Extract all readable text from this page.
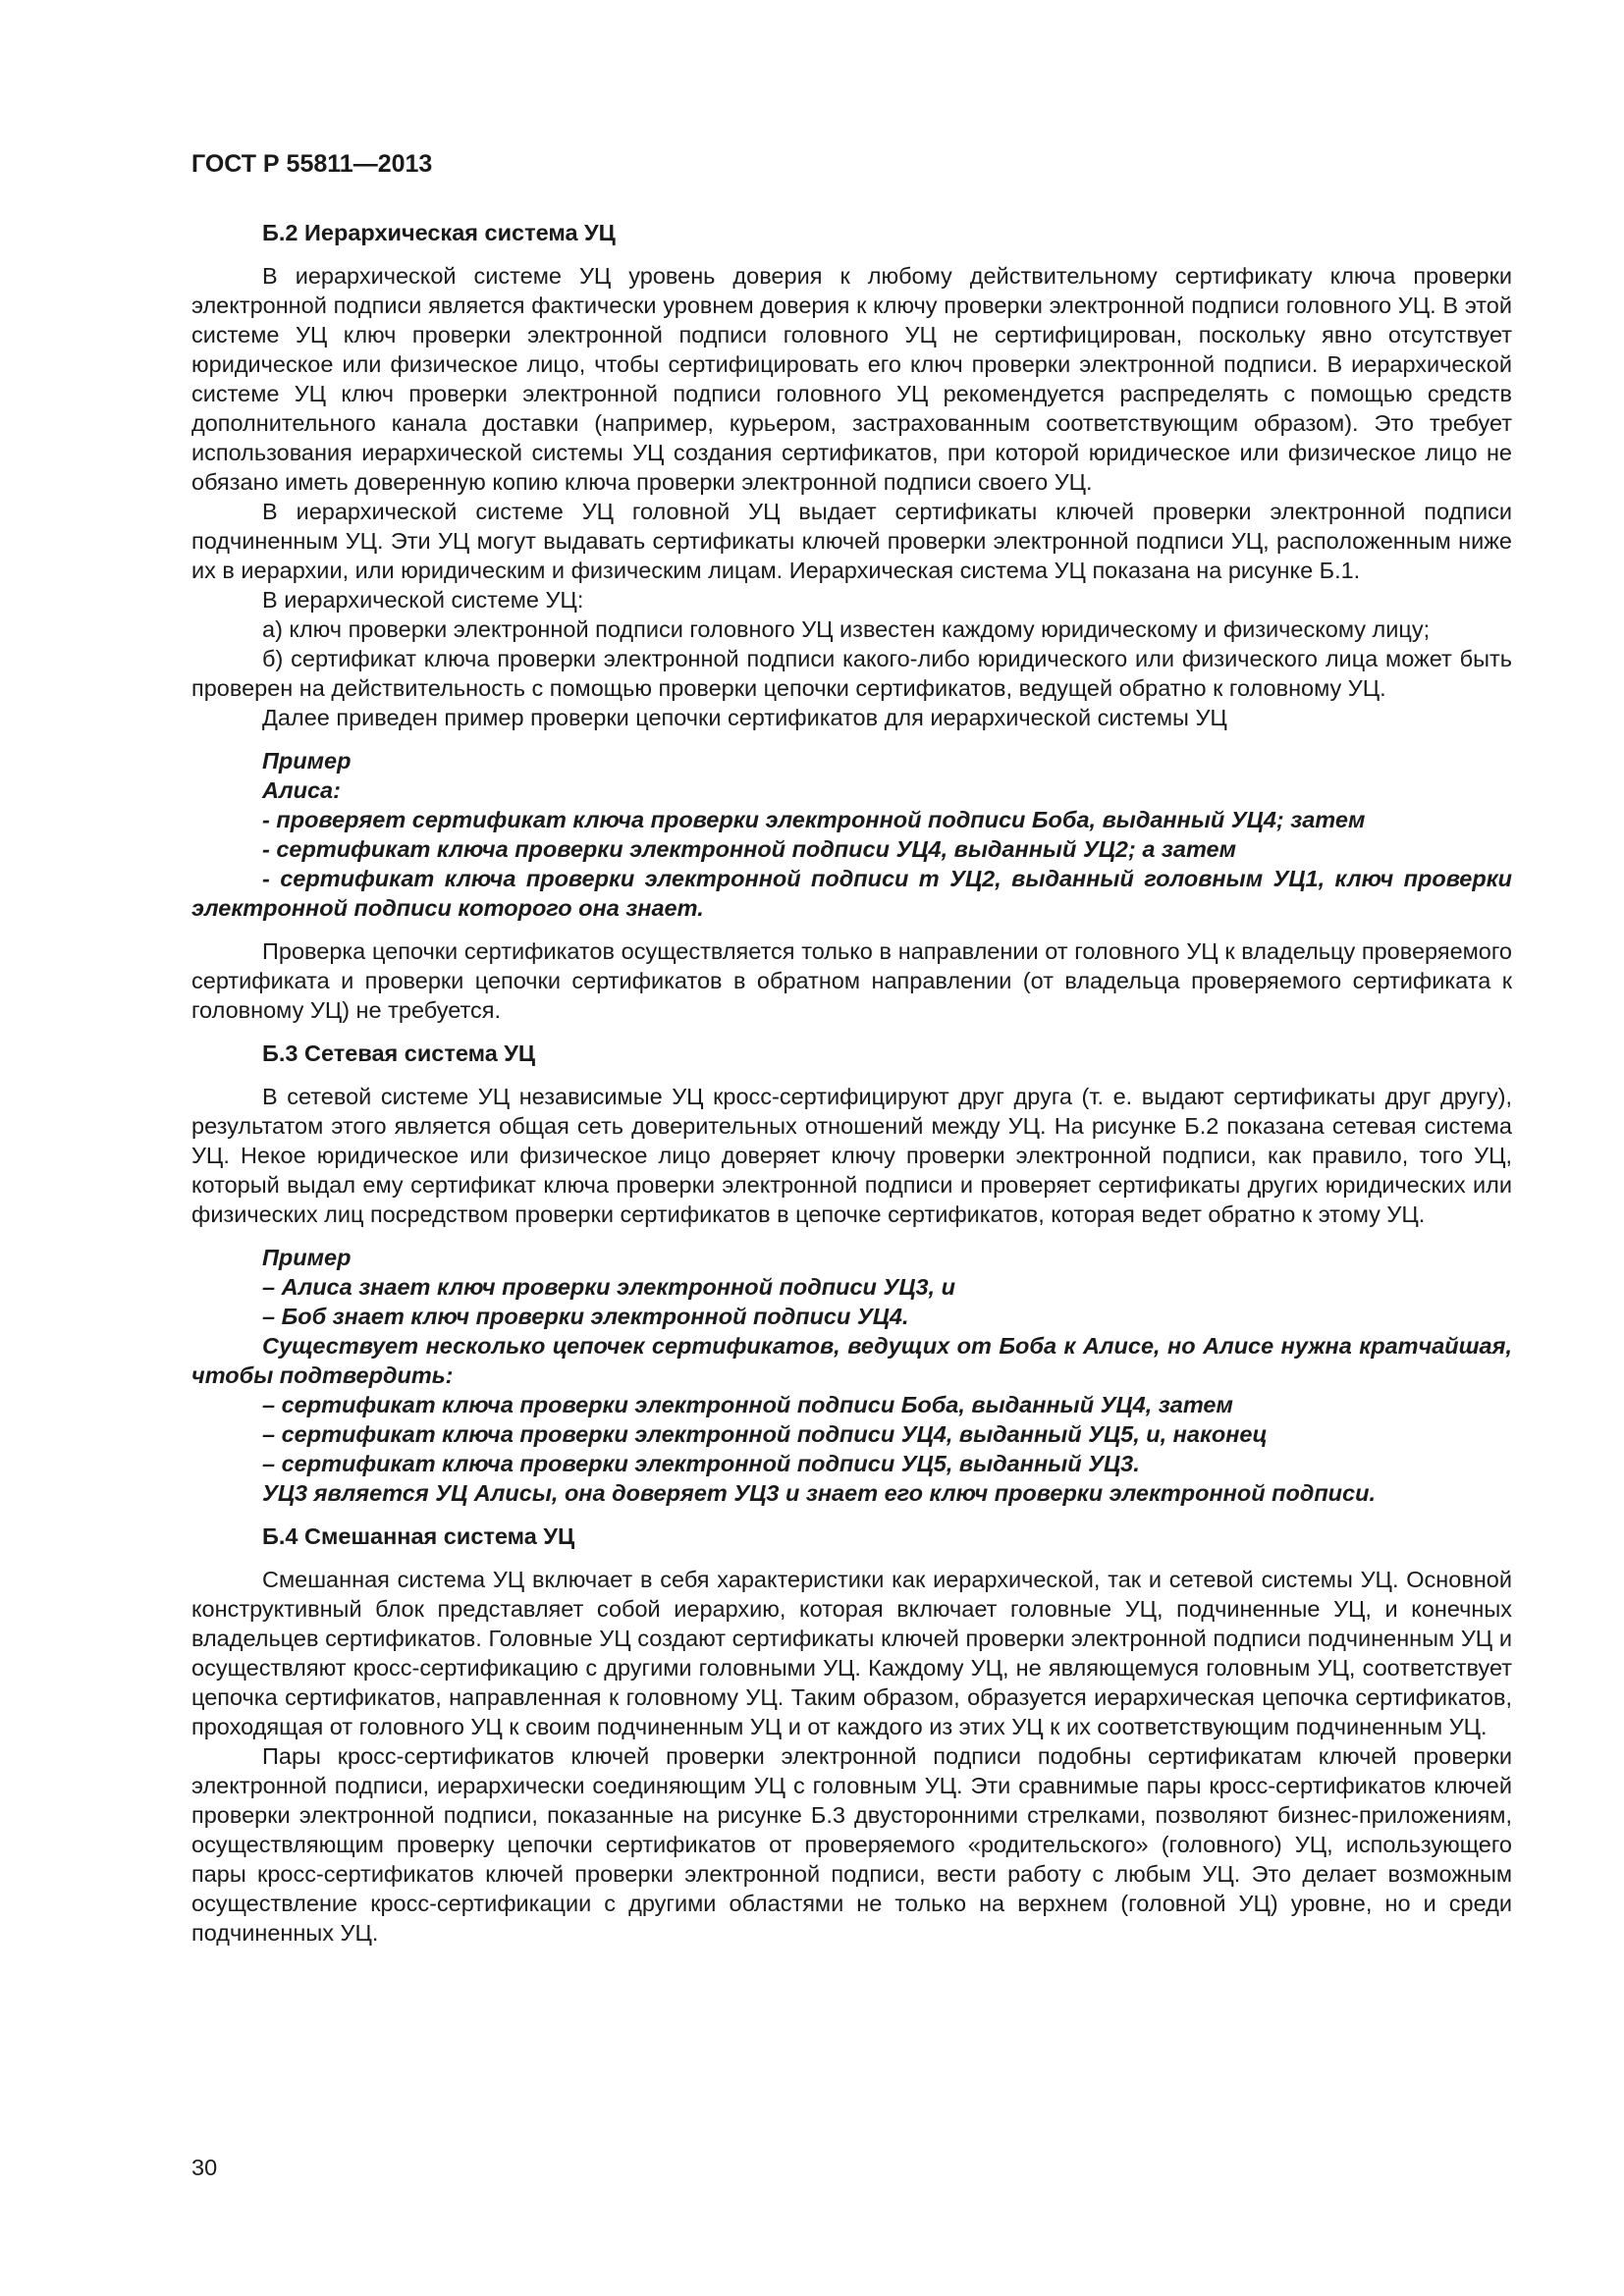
ГОСТ Р 55811—2013

Б.2 Иерархическая система УЦ

В иерархической системе УЦ уровень доверия к любому действительному сертификату ключа проверки электронной подписи является фактически уровнем доверия к ключу проверки электронной подписи головного УЦ. В этой системе УЦ ключ проверки электронной подписи головного УЦ не сертифицирован, поскольку явно отсутствует юридическое или физическое лицо, чтобы сертифицировать его ключ проверки электронной подписи. В иерархической системе УЦ ключ проверки электронной подписи головного УЦ рекомендуется распределять с помощью средств дополнительного канала доставки (например, курьером, застрахованным соответствующим образом). Это требует использования иерархической системы УЦ создания сертификатов, при которой юридическое или физическое лицо не обязано иметь доверенную копию ключа проверки электронной подписи своего УЦ.

В иерархической системе УЦ головной УЦ выдает сертификаты ключей проверки электронной подписи подчиненным УЦ. Эти УЦ могут выдавать сертификаты ключей проверки электронной подписи УЦ, расположенным ниже их в иерархии, или юридическим и физическим лицам. Иерархическая система УЦ показана на рисунке Б.1.

В иерархической системе УЦ:

а) ключ проверки электронной подписи головного УЦ известен каждому юридическому и физическому лицу;

б) сертификат ключа проверки электронной подписи какого-либо юридического или физического лица может быть проверен на действительность с помощью проверки цепочки сертификатов, ведущей обратно к головному УЦ.

Далее приведен пример проверки цепочки сертификатов для иерархической системы УЦ

Пример

Алиса:

- проверяет сертификат ключа проверки электронной подписи Боба, выданный УЦ4; затем

- сертификат ключа проверки электронной подписи УЦ4, выданный УЦ2; а затем

- сертификат ключа проверки электронной подписи т УЦ2, выданный головным УЦ1, ключ проверки электронной подписи которого она знает.

Проверка цепочки сертификатов осуществляется только в направлении от головного УЦ к владельцу проверяемого сертификата и проверки цепочки сертификатов в обратном направлении (от владельца проверяемого сертификата к головному УЦ) не требуется.

Б.3 Сетевая система УЦ

В сетевой системе УЦ независимые УЦ кросс-сертифицируют друг друга (т. е. выдают сертификаты друг другу), результатом этого является общая сеть доверительных отношений между УЦ. На рисунке Б.2 показана сетевая система УЦ. Некое юридическое или физическое лицо доверяет ключу проверки электронной подписи, как правило, того УЦ, который выдал ему сертификат ключа проверки электронной подписи и проверяет сертификаты других юридических или физических лиц посредством проверки сертификатов в цепочке сертификатов, которая ведет обратно к этому УЦ.

Пример

– Алиса знает ключ проверки электронной подписи УЦ3, и

– Боб знает ключ проверки электронной подписи УЦ4.

Существует несколько цепочек сертификатов, ведущих от Боба к Алисе, но Алисе нужна кратчайшая, чтобы подтвердить:

– сертификат ключа проверки электронной подписи Боба, выданный УЦ4, затем

– сертификат ключа проверки электронной подписи УЦ4, выданный УЦ5, и, наконец

– сертификат ключа проверки электронной подписи УЦ5, выданный УЦ3.

УЦ3 является УЦ Алисы, она доверяет УЦ3 и знает его ключ проверки электронной подписи.

Б.4 Смешанная система УЦ

Смешанная система УЦ включает в себя характеристики как иерархической, так и сетевой системы УЦ. Основной конструктивный блок представляет собой иерархию, которая включает головные УЦ, подчиненные УЦ, и конечных владельцев сертификатов. Головные УЦ создают сертификаты ключей проверки электронной подписи подчиненным УЦ и осуществляют кросс-сертификацию с другими головными УЦ. Каждому УЦ, не являющемуся головным УЦ, соответствует цепочка сертификатов, направленная к головному УЦ. Таким образом, образуется иерархическая цепочка сертификатов, проходящая от головного УЦ к своим подчиненным УЦ и от каждого из этих УЦ к их соответствующим подчиненным УЦ.

Пары кросс-сертификатов ключей проверки электронной подписи подобны сертификатам ключей проверки электронной подписи, иерархически соединяющим УЦ с головным УЦ. Эти сравнимые пары кросс-сертификатов ключей проверки электронной подписи, показанные на рисунке Б.3 двусторонними стрелками, позволяют бизнес-приложениям, осуществляющим проверку цепочки сертификатов от проверяемого «родительского» (головного) УЦ, использующего пары кросс-сертификатов ключей проверки электронной подписи, вести работу с любым УЦ. Это делает возможным осуществление кросс-сертификации с другими областями не только на верхнем (головной УЦ) уровне, но и среди подчиненных УЦ.

30
